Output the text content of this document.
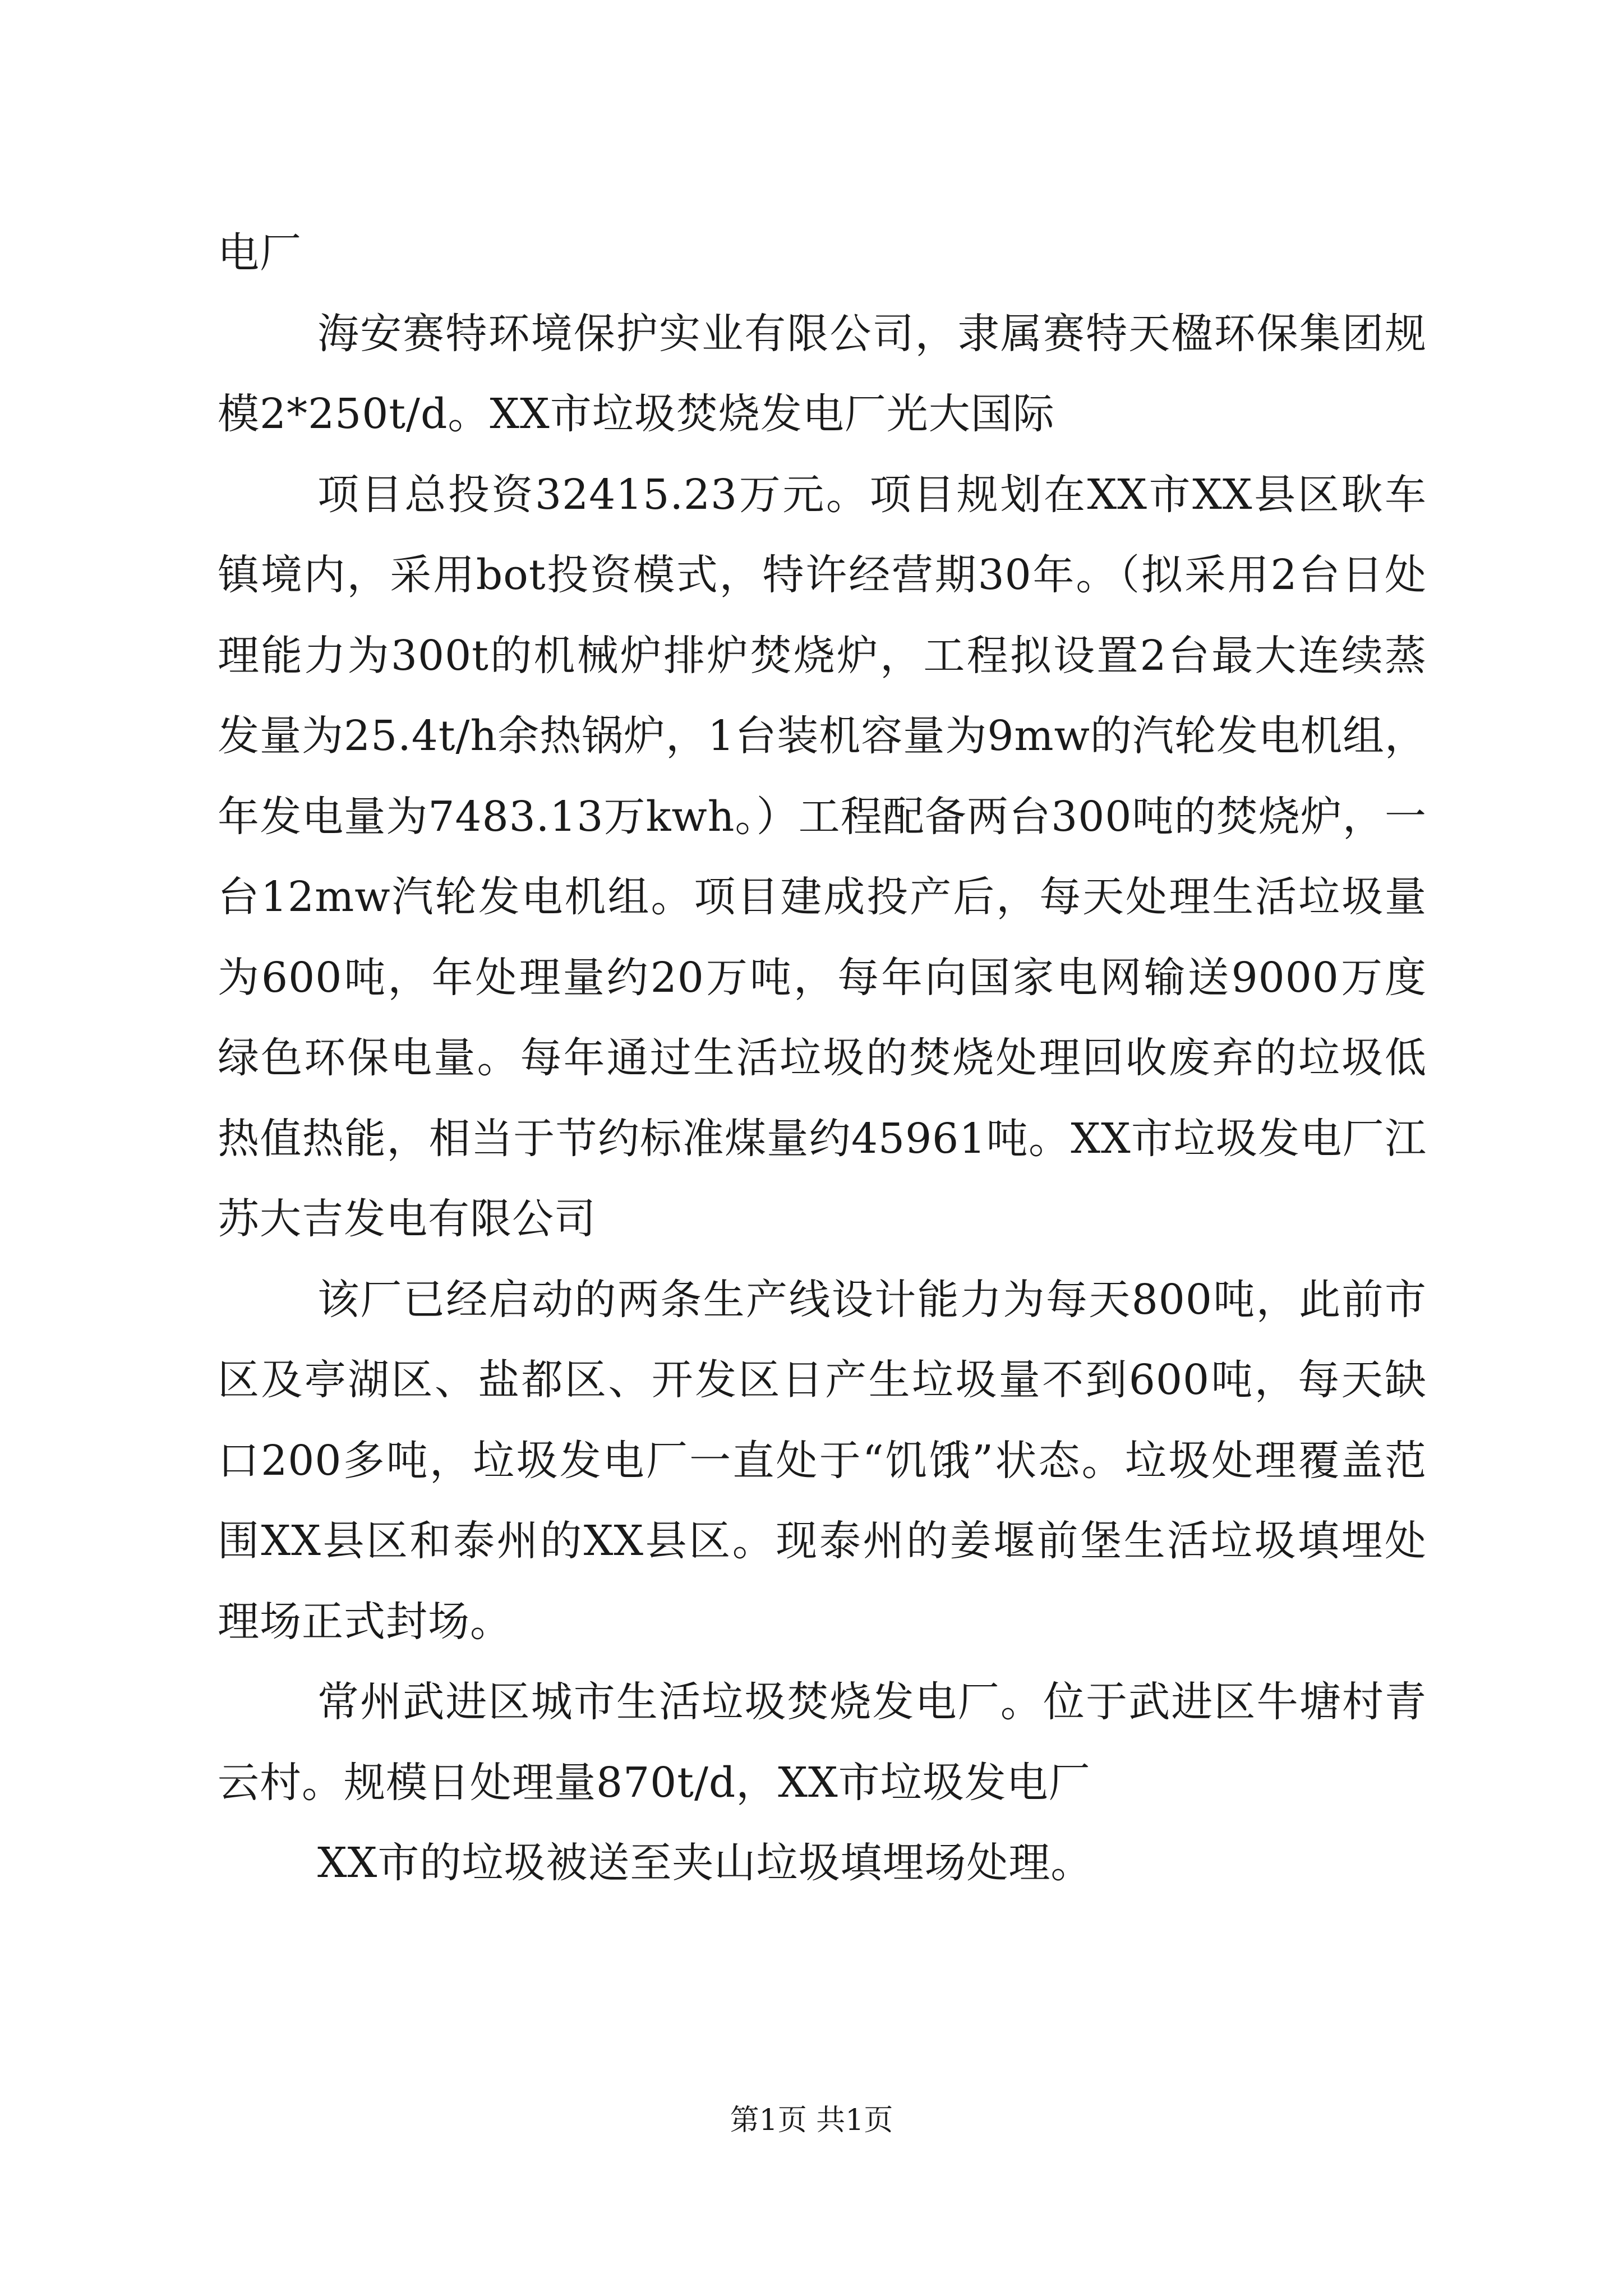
电厂

海安赛特环境保护实业有限公司，隶属赛特天楹环保集团规模2*250t/d。XX市垃圾焚烧发电厂光大国际

项目总投资32415.23万元。项目规划在XX市XX县区耿车镇境内，采用bot投资模式，特许经营期30年。（拟采用2台日处理能力为300t的机械炉排炉焚烧炉，工程拟设置2台最大连续蒸发量为25.4t/h余热锅炉，1台装机容量为9mw的汽轮发电机组，年发电量为7483.13万kwh。）工程配备两台300吨的焚烧炉，一台12mw汽轮发电机组。项目建成投产后，每天处理生活垃圾量为600吨，年处理量约20万吨，每年向国家电网输送9000万度绿色环保电量。每年通过生活垃圾的焚烧处理回收废弃的垃圾低热值热能，相当于节约标准煤量约45961吨。XX市垃圾发电厂江苏大吉发电有限公司

该厂已经启动的两条生产线设计能力为每天800吨，此前市区及亭湖区、盐都区、开发区日产生垃圾量不到600吨，每天缺口200多吨，垃圾发电厂一直处于“饥饿”状态。垃圾处理覆盖范围XX县区和泰州的XX县区。现泰州的姜堰前堡生活垃圾填埋处理场正式封场。

常州武进区城市生活垃圾焚烧发电厂。位于武进区牛塘村青云村。规模日处理量870t/d，XX市垃圾发电厂

XX市的垃圾被送至夹山垃圾填埋场处理。

第1页 共1页
